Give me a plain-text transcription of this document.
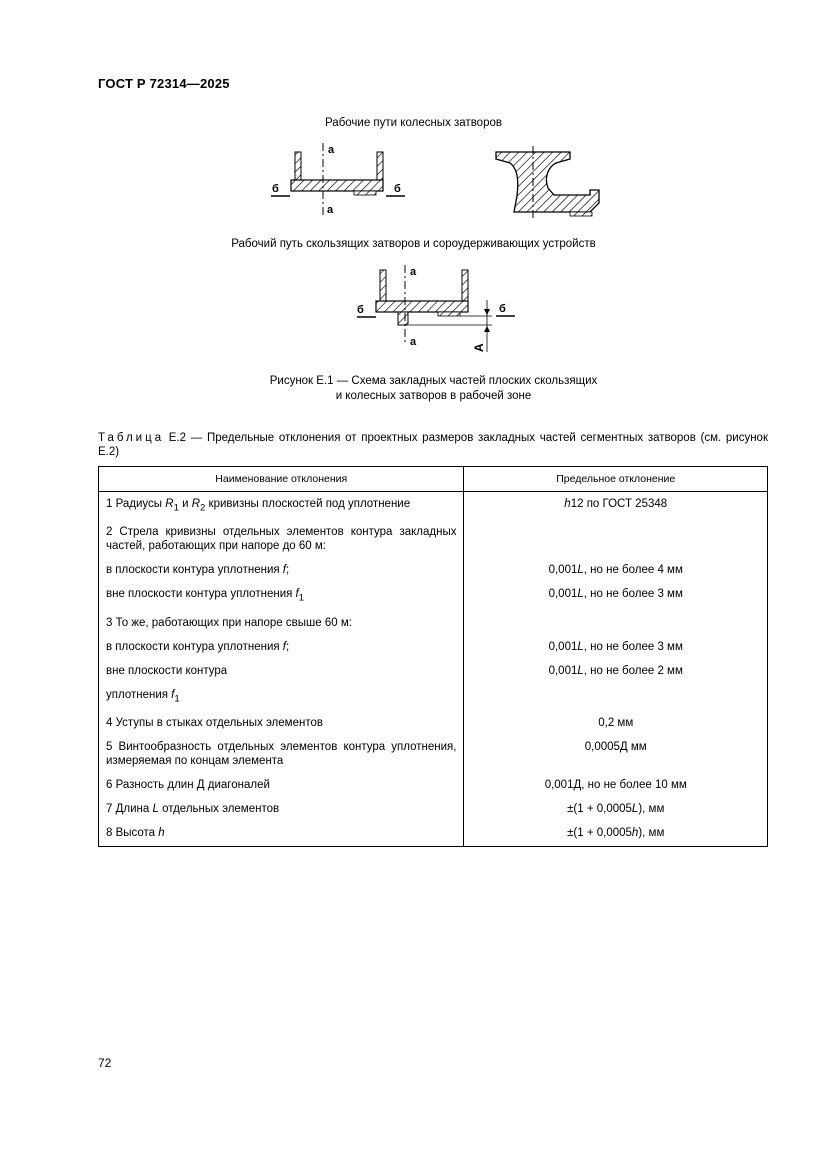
ГОСТ Р 72314—2025
Рабочие пути колесных затворов
а
а
б	б
Рабочий путь скользящих затворов и сороудерживающих устройств
а
а
б	б
А
Рисунок Е.1 — Схема закладных частей плоских скользящих
и колесных затворов в рабочей зоне
Таблица Е.2 — Предельные отклонения от проектных размеров закладных частей сегментных затворов (см. рисунок Е.2)
Наименование отклонения	Предельное отклонение
1 Радиусы $R_1$ и $R_2$ кривизны плоскостей под уплотнение	h12 по ГОСТ 25348
2 Стрела кривизны отдельных элементов контура закладных частей, работающих при напоре до 60 м:	
в плоскости контура уплотнения f;	0,001L, но не более 4 мм
вне плоскости контура уплотнения $f_1$	0,001L, но не более 3 мм
3 То же, работающих при напоре свыше 60 м:	
в плоскости контура уплотнения f;	0,001L, но не более 3 мм
вне плоскости контура	0,001L, но не более 2 мм
уплотнения $f_1$	
4 Уступы в стыках отдельных элементов	0,2 мм
5 Винтообразность отдельных элементов контура уплотнения, измеряемая по концам элемента	0,0005Д мм
6 Разность длин Д диагоналей	0,001Д, но не более 10 мм
7 Длина L отдельных элементов	±(1 + 0,0005L), мм
8 Высота h	±(1 + 0,0005h), мм
72
